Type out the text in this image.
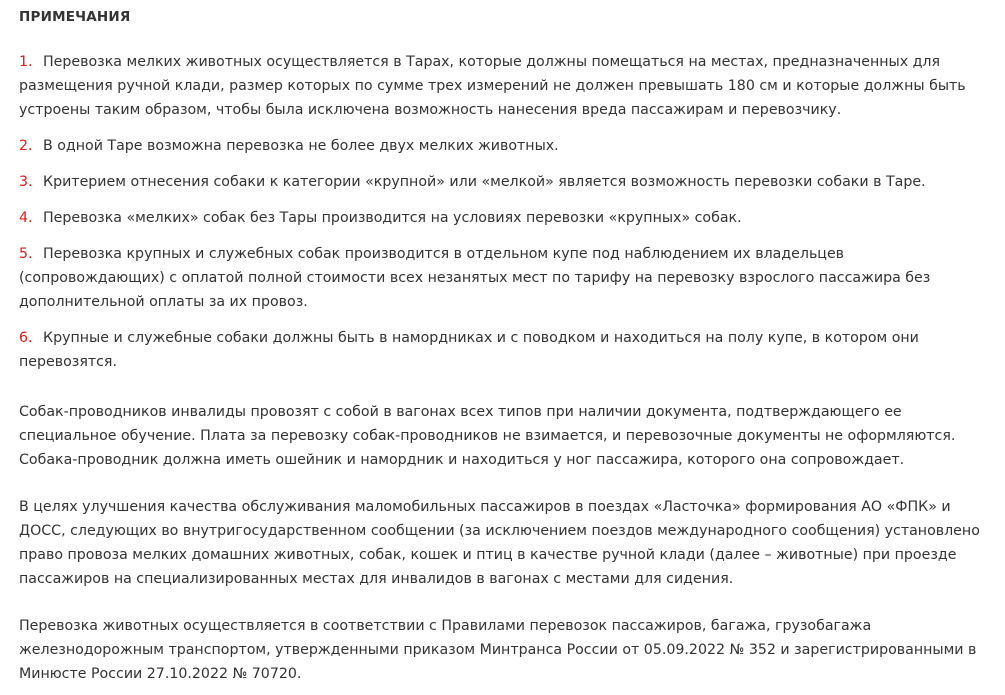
ПРИМЕЧАНИЯ
1. Перевозка мелких животных осуществляется в Тарах, которые должны помещаться на местах, предназначенных для размещения ручной клади, размер которых по сумме трех измерений не должен превышать 180 см и которые должны быть устроены таким образом, чтобы была исключена возможность нанесения вреда пассажирам и перевозчику.
2. В одной Таре возможна перевозка не более двух мелких животных.
3. Критерием отнесения собаки к категории «крупной» или «мелкой» является возможность перевозки собаки в Таре.
4. Перевозка «мелких» собак без Тары производится на условиях перевозки «крупных» собак.
5. Перевозка крупных и служебных собак производится в отдельном купе под наблюдением их владельцев (сопровождающих) с оплатой полной стоимости всех незанятых мест по тарифу на перевозку взрослого пассажира без дополнительной оплаты за их провоз.
6. Крупные и служебные собаки должны быть в намордниках и с поводком и находиться на полу купе, в котором они перевозятся.

Собак-проводников инвалиды провозят с собой в вагонах всех типов при наличии документа, подтверждающего ее специальное обучение. Плата за перевозку собак-проводников не взимается, и перевозочные документы не оформляются. Собака-проводник должна иметь ошейник и намордник и находиться у ног пассажира, которого она сопровождает.

В целях улучшения качества обслуживания маломобильных пассажиров в поездах «Ласточка» формирования АО «ФПК» и ДОСС, следующих во внутригосударственном сообщении (за исключением поездов международного сообщения) установлено право провоза мелких домашних животных, собак, кошек и птиц в качестве ручной клади (далее – животные) при проезде пассажиров на специализированных местах для инвалидов в вагонах с местами для сидения.

Перевозка животных осуществляется в соответствии с Правилами перевозок пассажиров, багажа, грузобагажа железнодорожным транспортом, утвержденными приказом Минтранса России от 05.09.2022 № 352 и зарегистрированными в Минюсте России 27.10.2022 № 70720.
